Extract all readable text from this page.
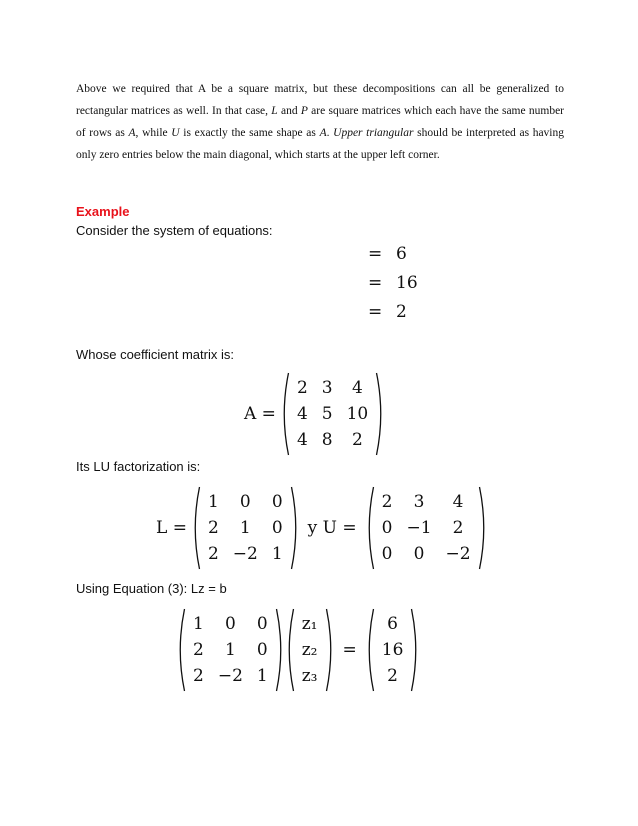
Above we required that A be a square matrix, but these decompositions can all be generalized to rectangular matrices as well. In that case, L and P are square matrices which each have the same number of rows as A, while U is exactly the same shape as A. Upper triangular should be interpreted as having only zero entries below the main diagonal, which starts at the upper left corner.

Example
Consider the system of equations:
= 6
= 16
= 2
Whose coefficient matrix is:
A =
2 3	4
4 5 10
4 8	2
Its LU factorization is:
L =
1	0	0
2	1	0
2 −2 1
y U =
2	3	4
0 −1	2
0	0	−2
Using Equation (3): Lz = b
1	0	0
2	1	0
2 −2 1
z₁
z₂
z₃
=
6
16
2
